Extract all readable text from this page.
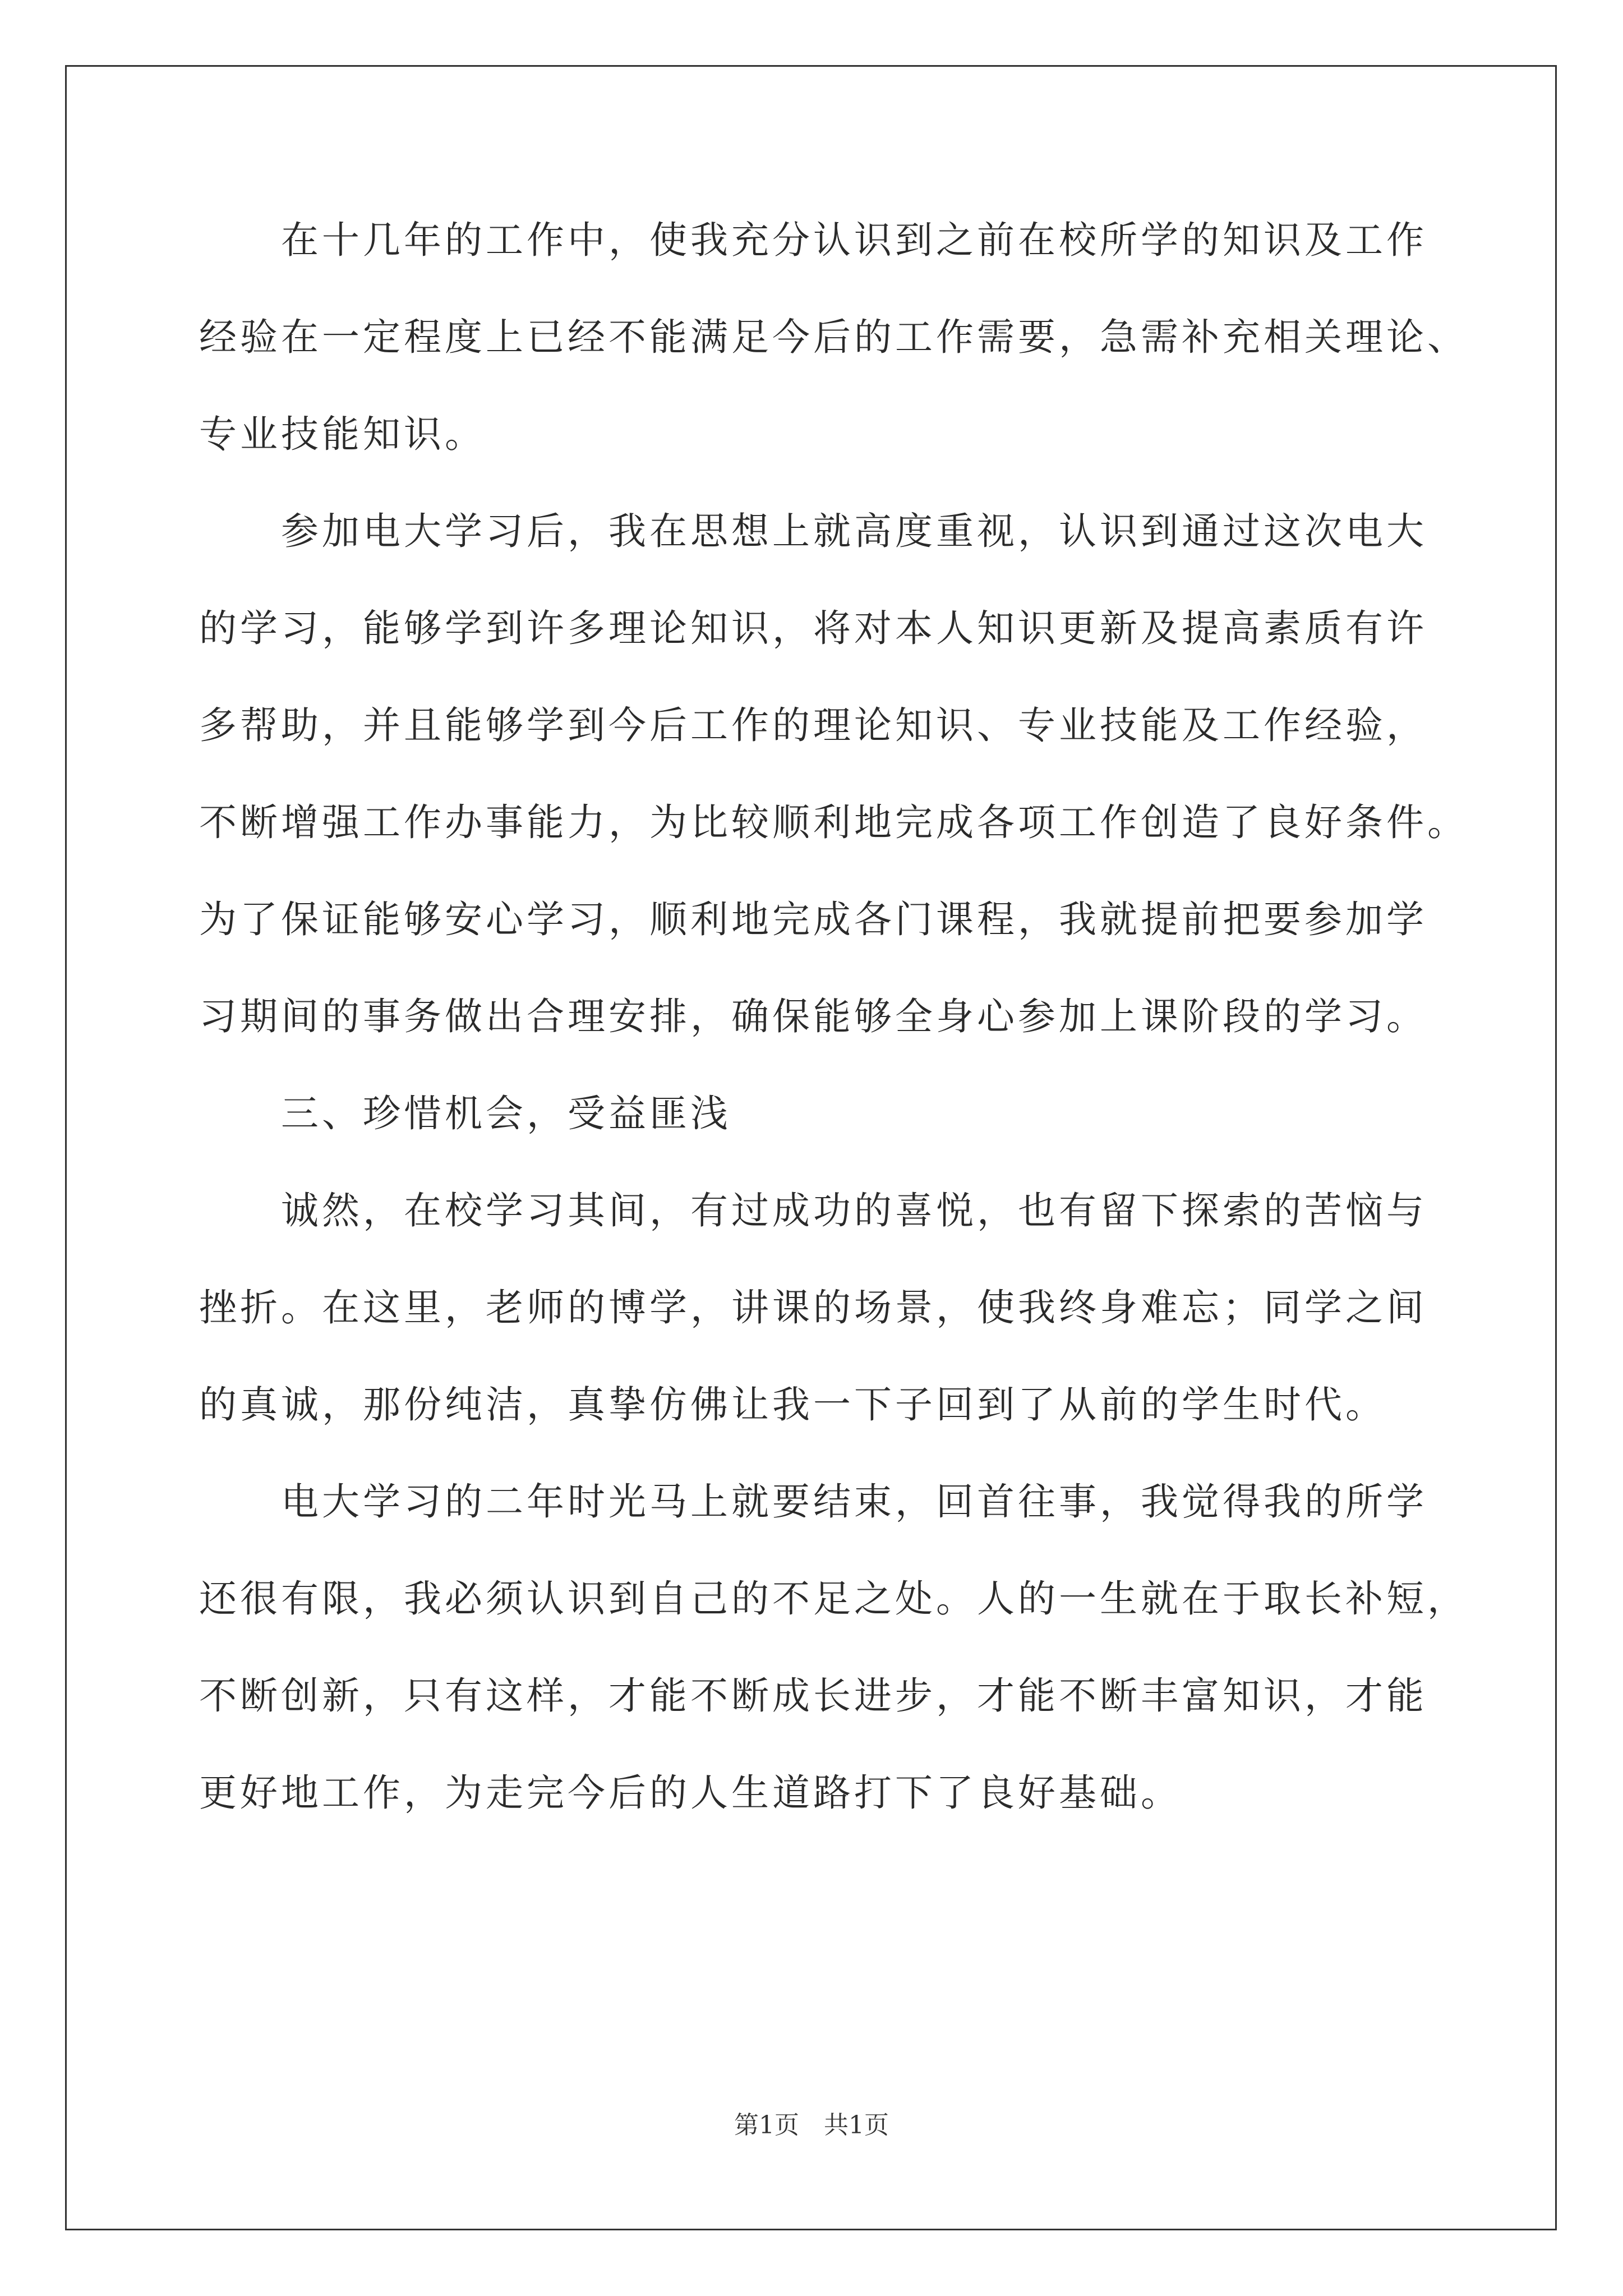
在十几年的工作中，使我充分认识到之前在校所学的知识及工作
经验在一定程度上已经不能满足今后的工作需要，急需补充相关理论、
专业技能知识。
参加电大学习后，我在思想上就高度重视，认识到通过这次电大
的学习，能够学到许多理论知识，将对本人知识更新及提高素质有许
多帮助，并且能够学到今后工作的理论知识、专业技能及工作经验，
不断增强工作办事能力，为比较顺利地完成各项工作创造了良好条件。
为了保证能够安心学习，顺利地完成各门课程，我就提前把要参加学
习期间的事务做出合理安排，确保能够全身心参加上课阶段的学习。
三、珍惜机会，受益匪浅
诚然，在校学习其间，有过成功的喜悦，也有留下探索的苦恼与
挫折。在这里，老师的博学，讲课的场景，使我终身难忘；同学之间
的真诚，那份纯洁，真挚仿佛让我一下子回到了从前的学生时代。
电大学习的二年时光马上就要结束，回首往事，我觉得我的所学
还很有限，我必须认识到自己的不足之处。人的一生就在于取长补短，
不断创新，只有这样，才能不断成长进步，才能不断丰富知识，才能
更好地工作，为走完今后的人生道路打下了良好基础。
第1页　共1页
